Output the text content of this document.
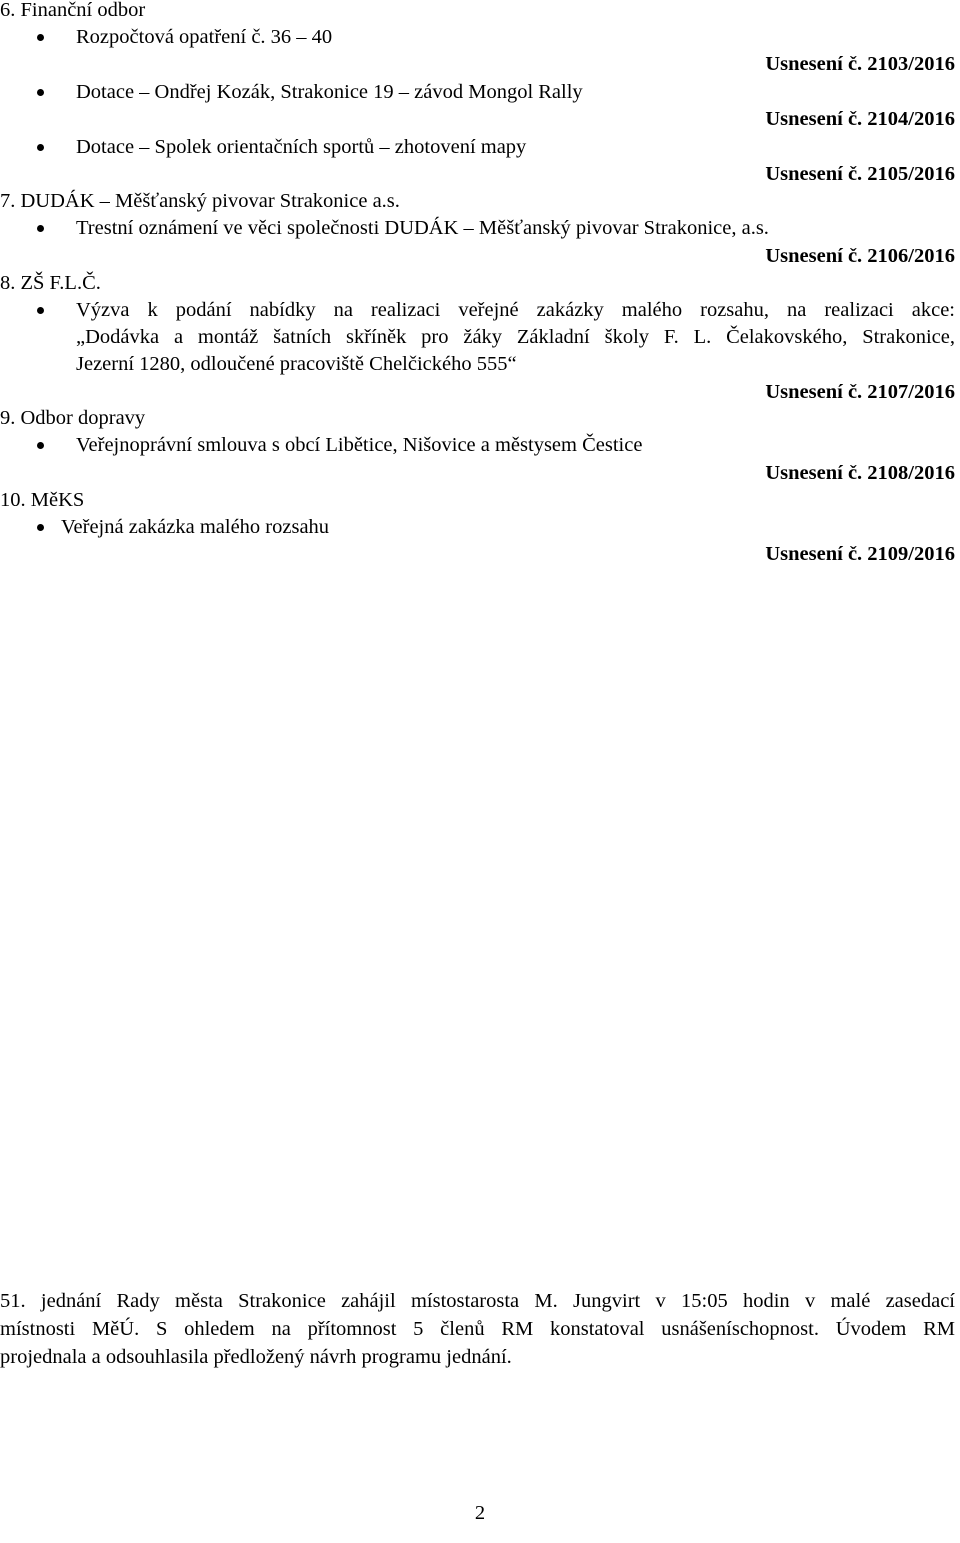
6. Finanční odbor
Rozpočtová opatření č. 36 – 40
Usnesení č. 2103/2016
Dotace – Ondřej Kozák, Strakonice 19 – závod Mongol Rally
Usnesení č. 2104/2016
Dotace – Spolek orientačních sportů – zhotovení mapy
Usnesení č. 2105/2016
7. DUDÁK – Měšťanský pivovar Strakonice a.s.
Trestní oznámení ve věci společnosti DUDÁK – Měšťanský pivovar Strakonice, a.s.
Usnesení č. 2106/2016
8. ZŠ F.L.Č.
Výzva k podání nabídky na realizaci veřejné zakázky malého rozsahu, na realizaci akce:
„Dodávka a montáž šatních skříněk pro žáky Základní školy F. L. Čelakovského, Strakonice,
Jezerní 1280, odloučené pracoviště Chelčického 555“
Usnesení č. 2107/2016
9. Odbor dopravy
Veřejnoprávní smlouva s obcí Libětice, Nišovice a městysem Čestice
Usnesení č. 2108/2016
10. MěKS
Veřejná zakázka malého rozsahu
Usnesení č. 2109/2016
51. jednání Rady města Strakonice zahájil místostarosta M. Jungvirt v 15:05 hodin v malé zasedací
místnosti MěÚ. S ohledem na přítomnost 5 členů RM konstatoval usnášeníschopnost. Úvodem RM
projednala a odsouhlasila předložený návrh programu jednání.
2
